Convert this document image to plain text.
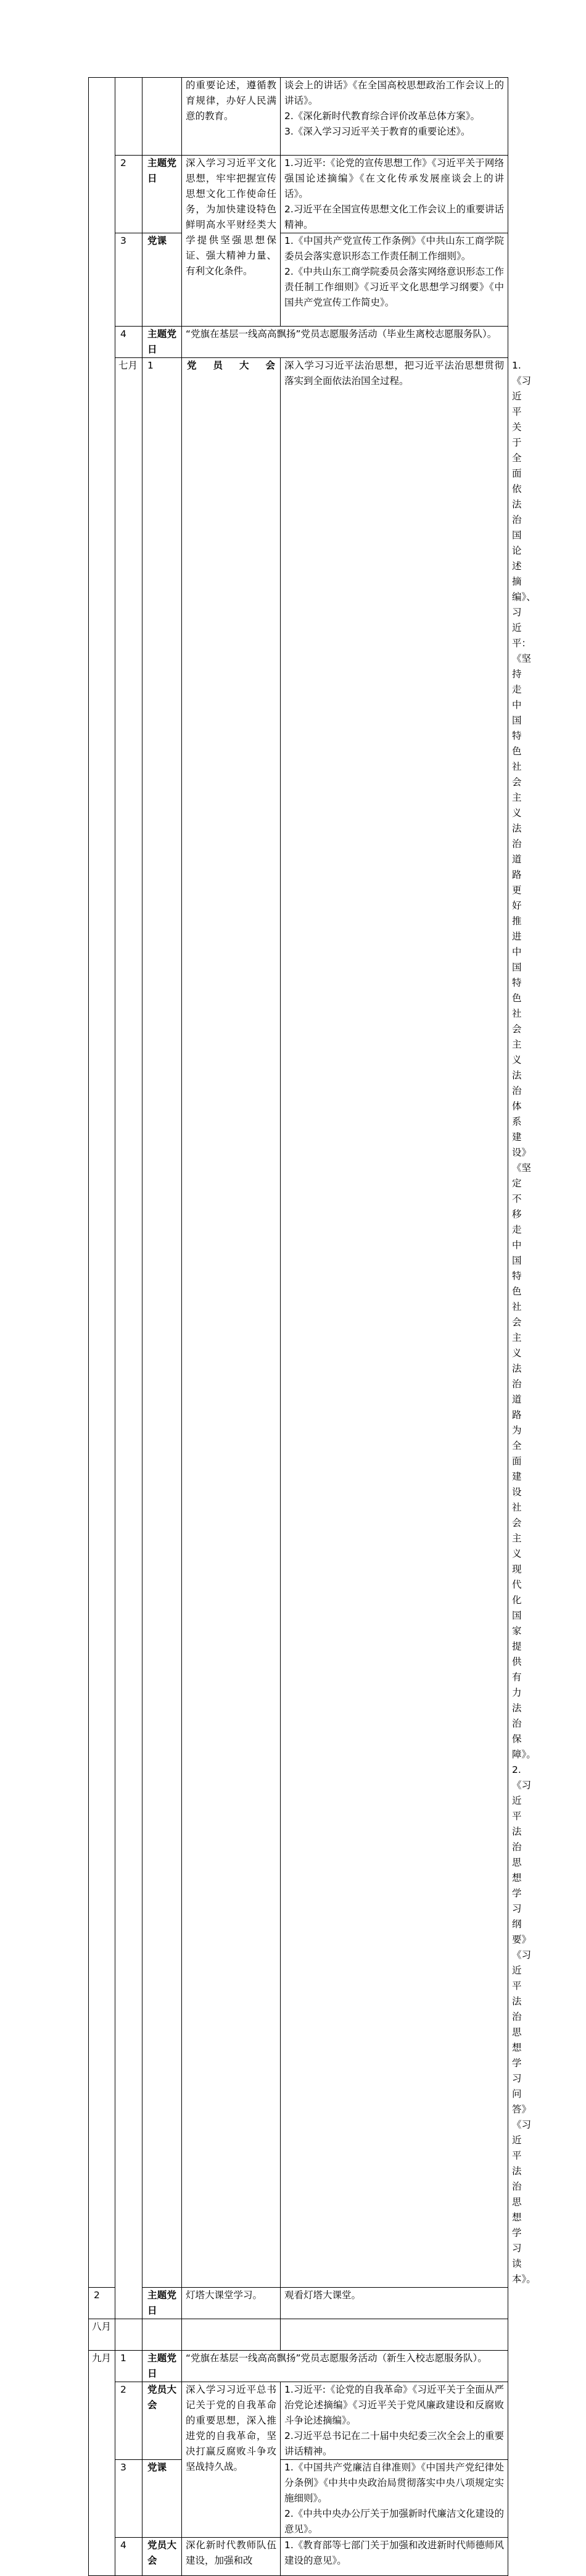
			的重要论述，遵循教育规律，办好人民满意的教育。	谈会上的讲话》《在全国高校思想政治工作会议上的讲话》。
2.《深化新时代教育综合评价改革总体方案》。
3.《深入学习习近平关于教育的重要论述》。	

	2	主题党日	深入学习习近平文化思想，牢牢把握宣传思想文化工作使命任务，为加快建设特色鲜明高水平财经类大学提供坚强思想保证、强大精神力量、有利文化条件。	1.习近平:《论党的宣传思想工作》《习近平关于网络强国论述摘编》《在文化传承发展座谈会上的讲话》。
2.习近平在全国宣传思想文化工作会议上的重要讲话精神。	

	3	党课		1.《中国共产党宣传工作条例》《中共山东工商学院委员会落实意识形态工作责任制工作细则》。
2.《中共山东工商学院委员会落实网络意识形态工作责任制工作细则》《习近平文化思想学习纲要》《中国共产党宣传工作简史》。	

	4	主题党日	“党旗在基层一线高高飘扬”党员志愿服务活动（毕业生离校志愿服务队）。		
	七月	1	党员大会	深入学习习近平法治思想，把习近平法治思想贯彻落实到全面依法治国全过程。	1.《习近平关于全面依法治国论述摘编》、习近平：《坚持走中国特色社会主义法治道路更好推进中国特色社会主义法治体系建设》《坚定不移走中国特色社会主义法治道路为全面建设社会主义现代化国家提供有力法治保障》。
2.《习近平法治思想学习纲要》《习近平法治思想学习问答》《习近平法治思想学习读本》。

2		主题党日	灯塔大课堂学习。	观看灯塔大课堂。	
八月					
九月	1	主题党日	“党旗在基层一线高高飘扬”党员志愿服务活动（新生入校志愿服务队）。		
	2	党员大会	深入学习习近平总书记关于党的自我革命的重要思想，深入推进党的自我革命，坚决打赢反腐败斗争攻坚战持久战。	1.习近平:《论党的自我革命》《习近平关于全面从严治党论述摘编》《习近平关于党风廉政建设和反腐败斗争论述摘编》。
2.习近平总书记在二十届中央纪委三次全会上的重要讲话精神。	

	3	党课		1.《中国共产党廉洁自律准则》《中国共产党纪律处分条例》《中共中央政治局贯彻落实中央八项规定实施细则》。
2.《中共中央办公厅关于加强新时代廉洁文化建设的意见》。	

	4	党员大会	深化新时代教师队伍建设，加强和改	1.《教育部等七部门关于加强和改进新时代师德师风建设的意见》。	
